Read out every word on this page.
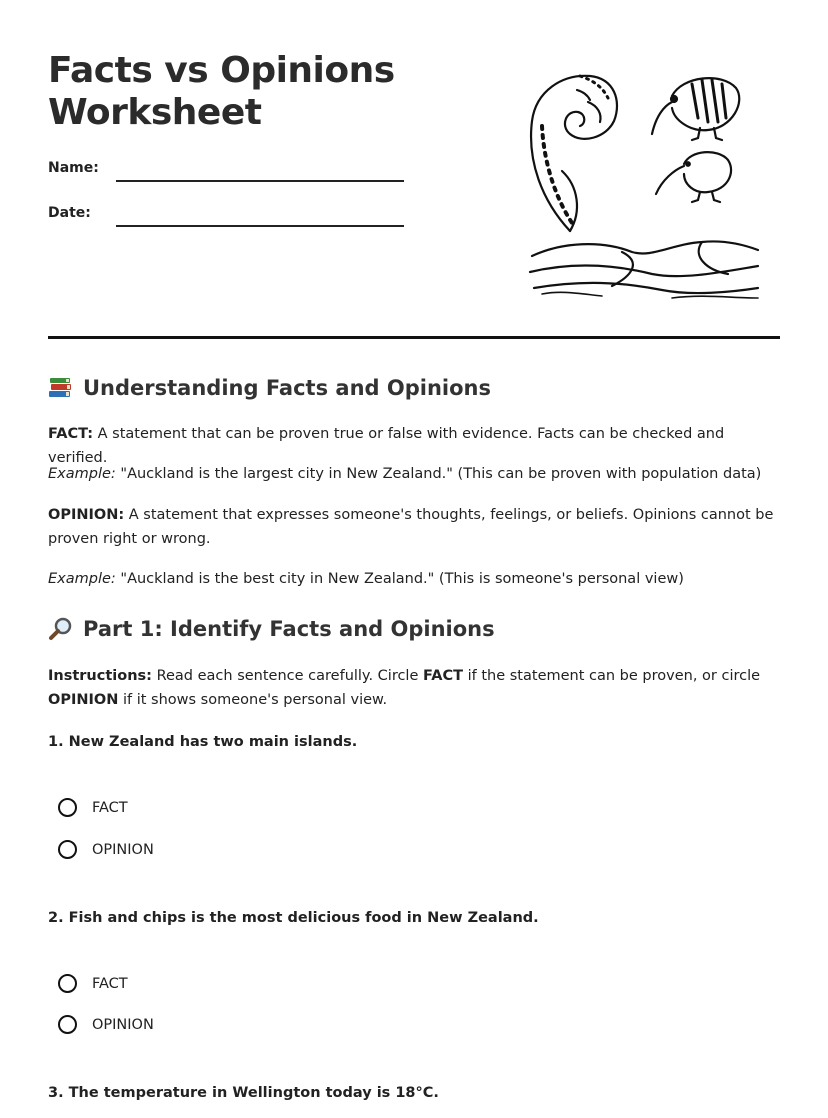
Facts vs Opinions
Worksheet
Name:
Date:
Understanding Facts and Opinions

FACT: A statement that can be proven true or false with evidence. Facts can be checked and verified.

Example: "Auckland is the largest city in New Zealand." (This can be proven with population data)

OPINION: A statement that expresses someone's thoughts, feelings, or beliefs. Opinions cannot be proven right or wrong.

Example: "Auckland is the best city in New Zealand." (This is someone's personal view)

Part 1: Identify Facts and Opinions

Instructions: Read each sentence carefully. Circle FACT if the statement can be proven, or circle OPINION if it shows someone's personal view.

1. New Zealand has two main islands.

FACT
OPINION

2. Fish and chips is the most delicious food in New Zealand.

FACT
OPINION

3. The temperature in Wellington today is 18°C.
